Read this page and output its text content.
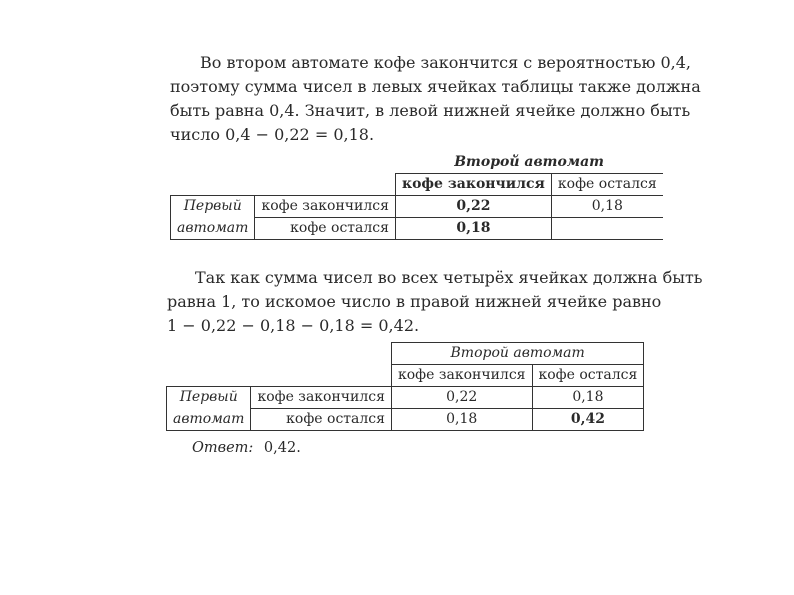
Во втором автомате кофе закончится с вероятностью 0,4,
поэтому сумма чисел в левых ячейках таблицы также должна
быть равна 0,4. Значит, в левой нижней ячейке должно быть
число 0,4 − 0,22 = 0,18.
		Второй автомат	
		кофе закончился	кофе остался
Первый	кофе закончился	0,22	0,18
автомат	кофе остался	0,18	
Так как сумма чисел во всех четырёх ячейках должна быть
равна 1, то искомое число в правой нижней ячейке равно
1 − 0,22 − 0,18 − 0,18 = 0,42.
		Второй автомат	
		кофе закончился	кофе остался
Первый	кофе закончился	0,22	0,18
автомат	кофе остался	0,18	0,42
Ответ: 0,42.
